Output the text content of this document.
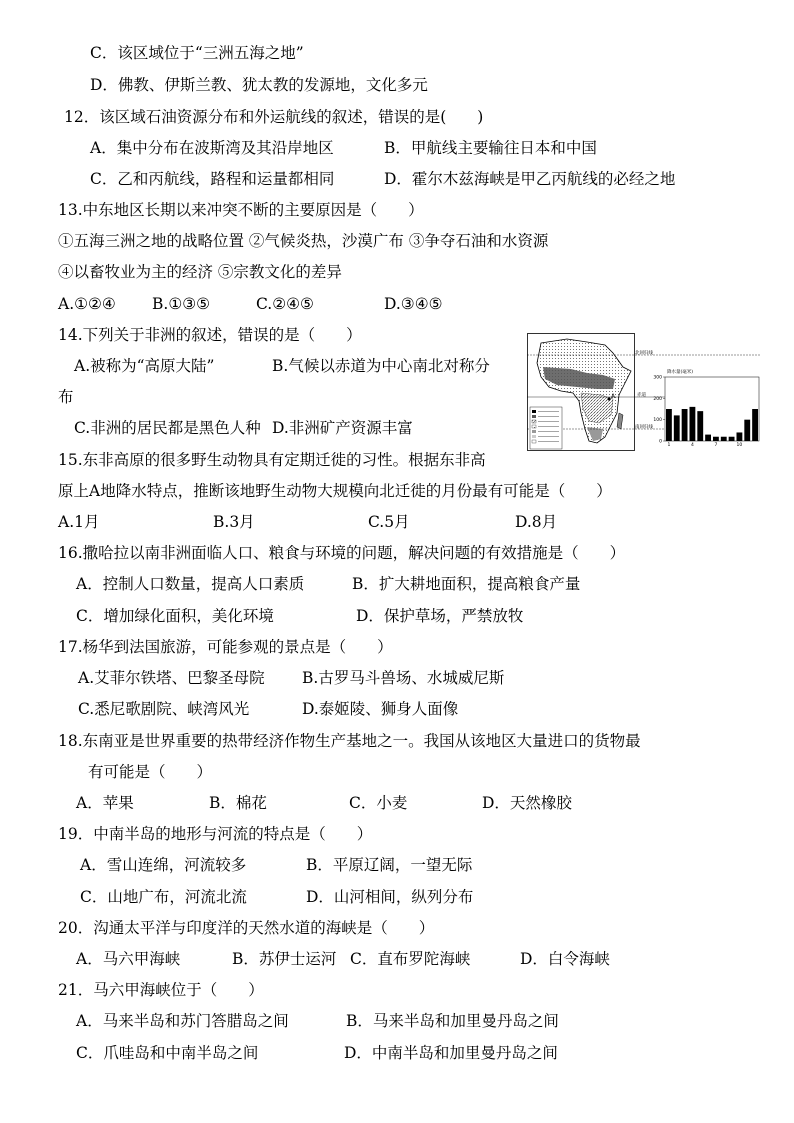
C．该区域位于“三洲五海之地”
D．佛教、伊斯兰教、犹太教的发源地，文化多元
12．该区域石油资源分布和外运航线的叙述，错误的是(　　)
A．集中分布在波斯湾及其沿岸地区	B．甲航线主要输往日本和中国
C．乙和丙航线，路程和运量都相同	D．霍尔木兹海峡是甲乙丙航线的必经之地
13.中东地区长期以来冲突不断的主要原因是（　　）
①五海三洲之地的战略位置 ②气候炎热，沙漠广布 ③争夺石油和水资源
④以畜牧业为主的经济 ⑤宗教文化的差异
A.①②④ B.①③⑤	C.②④⑤	D.③④⑤
14.下列关于非洲的叙述，错误的是（　　）
A.被称为“高原大陆”	B.气候以赤道为中心南北对称分
布
C.非洲的居民都是黑色人种 D.非洲矿产资源丰富
A
北回归线
赤道
南回归线
降水量(毫米)
300
200
100
0
1	4	7	10
15.东非高原的很多野生动物具有定期迁徙的习性。根据东非高
原上A地降水特点，推断该地野生动物大规模向北迁徙的月份最有可能是（　　）
A.1月	B.3月	C.5月	D.8月
16.撒哈拉以南非洲面临人口、粮食与环境的问题，解决问题的有效措施是（　　）
A．控制人口数量，提高人口素质	B．扩大耕地面积，提高粮食产量
C．增加绿化面积，美化环境	D．保护草场，严禁放牧
17.杨华到法国旅游，可能参观的景点是（　　）
A.艾菲尔铁塔、巴黎圣母院 B.古罗马斗兽场、水城威尼斯
C.悉尼歌剧院、峡湾风光	D.泰姬陵、狮身人面像
18.东南亚是世界重要的热带经济作物生产基地之一。我国从该地区大量进口的货物最
有可能是（　　）
A．苹果	B．棉花	C．小麦	D．天然橡胶
19．中南半岛的地形与河流的特点是（　　）
A．雪山连绵，河流较多	B．平原辽阔，一望无际
C．山地广布，河流北流	D．山河相间，纵列分布
20．沟通太平洋与印度洋的天然水道的海峡是（　　）
A．马六甲海峡	B．苏伊士运河 C．直布罗陀海峡	D．白令海峡
21．马六甲海峡位于（　　）
A．马来半岛和苏门答腊岛之间	B．马来半岛和加里曼丹岛之间
C．爪哇岛和中南半岛之间	D．中南半岛和加里曼丹岛之间
